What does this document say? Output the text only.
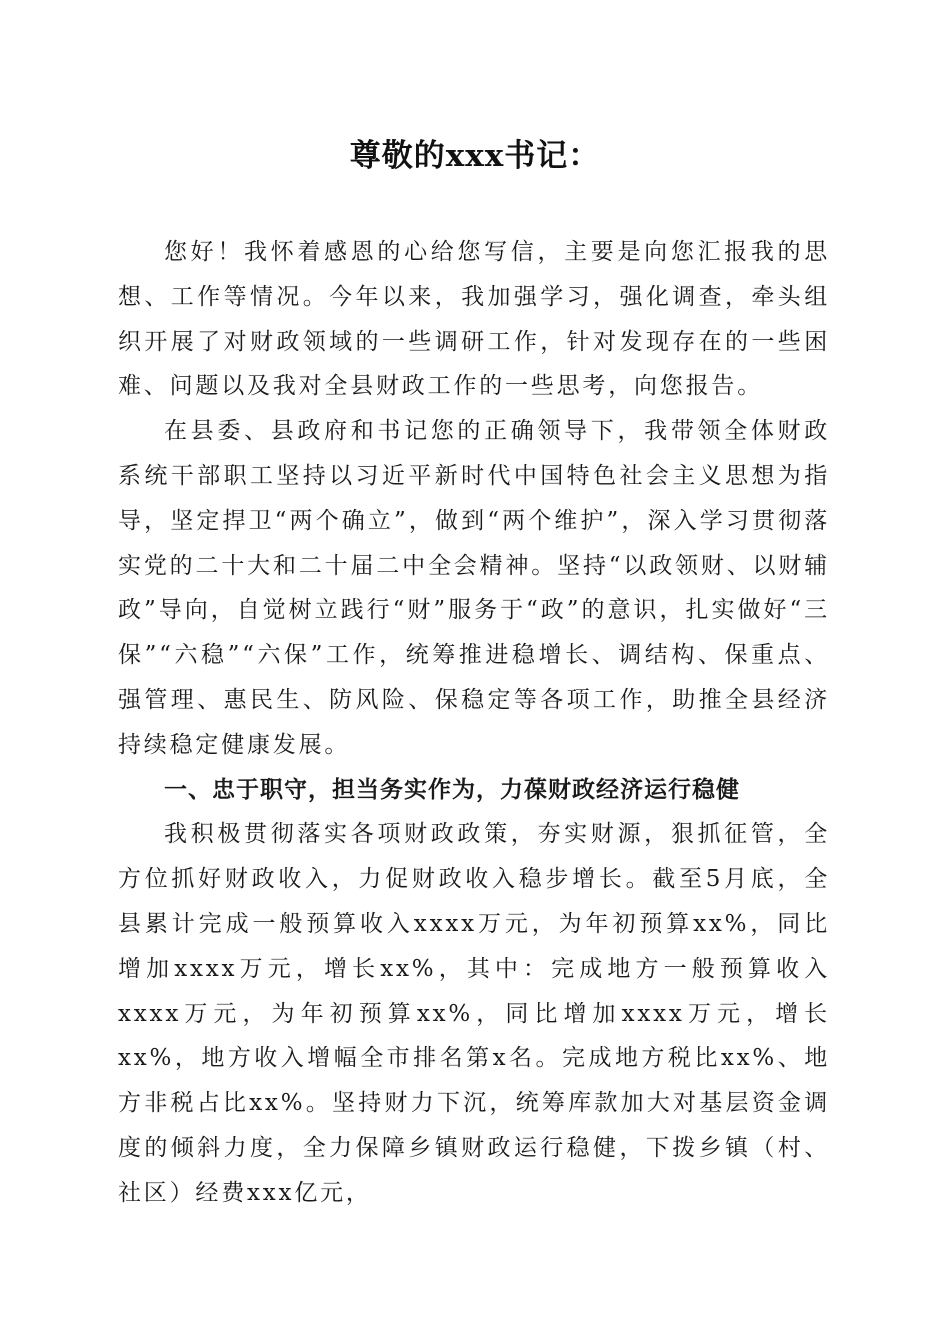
尊敬的xxx书记：

您好！我怀着感恩的心给您写信，主要是向您汇报我的思想、工作等情况。今年以来，我加强学习，强化调查，牵头组织开展了对财政领域的一些调研工作，针对发现存在的一些困难、问题以及我对全县财政工作的一些思考，向您报告。

在县委、县政府和书记您的正确领导下，我带领全体财政系统干部职工坚持以习近平新时代中国特色社会主义思想为指导，坚定捍卫“两个确立”，做到“两个维护”，深入学习贯彻落实党的二十大和二十届二中全会精神。坚持“以政领财、以财辅政”导向，自觉树立践行“财”服务于“政”的意识，扎实做好“三保”“六稳”“六保”工作，统筹推进稳增长、调结构、保重点、强管理、惠民生、防风险、保稳定等各项工作，助推全县经济持续稳定健康发展。

一、忠于职守，担当务实作为，力葆财政经济运行稳健

我积极贯彻落实各项财政政策，夯实财源，狠抓征管，全方位抓好财政收入，力促财政收入稳步增长。截至5月底，全县累计完成一般预算收入xxxx万元，为年初预算xx%，同比增加xxxx万元，增长xx%，其中：完成地方一般预算收入xxxx万元，为年初预算xx%，同比增加xxxx万元，增长xx%，地方收入增幅全市排名第x名。完成地方税比xx%、地方非税占比xx%。坚持财力下沉，统筹库款加大对基层资金调度的倾斜力度，全力保障乡镇财政运行稳健，下拨乡镇（村、社区）经费xxx亿元，
